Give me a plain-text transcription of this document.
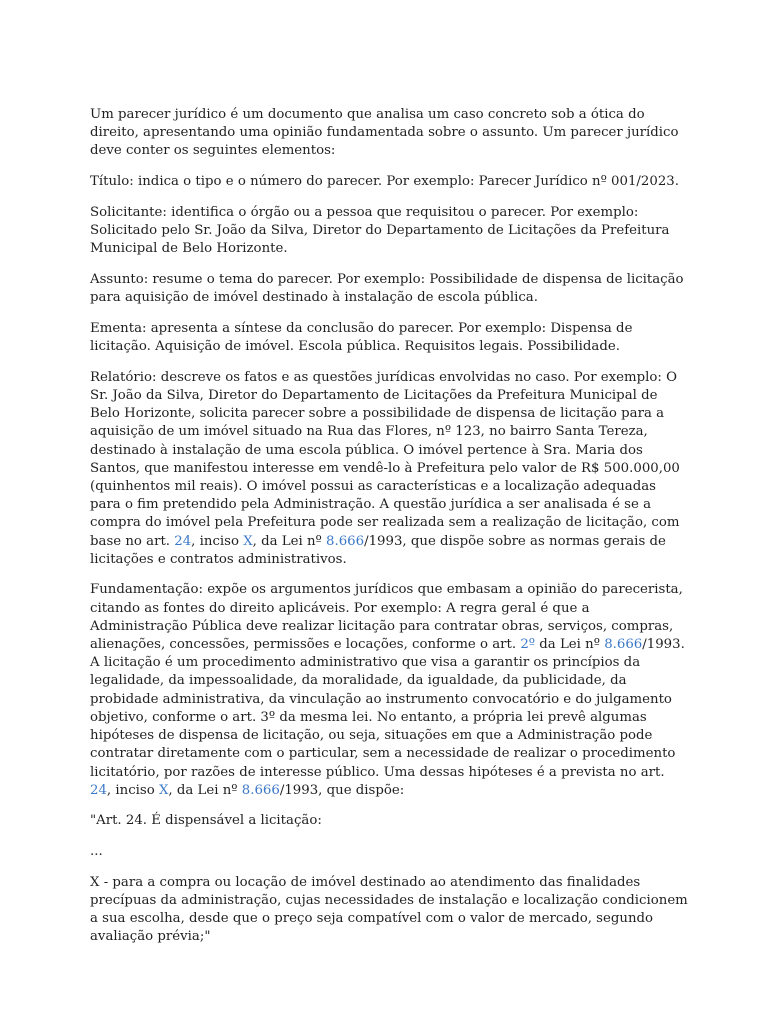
Um parecer jurídico é um documento que analisa um caso concreto sob a ótica do direito, apresentando uma opinião fundamentada sobre o assunto. Um parecer jurídico deve conter os seguintes elementos:

Título: indica o tipo e o número do parecer. Por exemplo: Parecer Jurídico nº 001/2023.

Solicitante: identifica o órgão ou a pessoa que requisitou o parecer. Por exemplo: Solicitado pelo Sr. João da Silva, Diretor do Departamento de Licitações da Prefeitura Municipal de Belo Horizonte.

Assunto: resume o tema do parecer. Por exemplo: Possibilidade de dispensa de licitação para aquisição de imóvel destinado à instalação de escola pública.

Ementa: apresenta a síntese da conclusão do parecer. Por exemplo: Dispensa de licitação. Aquisição de imóvel. Escola pública. Requisitos legais. Possibilidade.

Relatório: descreve os fatos e as questões jurídicas envolvidas no caso. Por exemplo: O Sr. João da Silva, Diretor do Departamento de Licitações da Prefeitura Municipal de Belo Horizonte, solicita parecer sobre a possibilidade de dispensa de licitação para a aquisição de um imóvel situado na Rua das Flores, nº 123, no bairro Santa Tereza, destinado à instalação de uma escola pública. O imóvel pertence à Sra. Maria dos Santos, que manifestou interesse em vendê-lo à Prefeitura pelo valor de R$ 500.000,00 (quinhentos mil reais). O imóvel possui as características e a localização adequadas para o fim pretendido pela Administração. A questão jurídica a ser analisada é se a compra do imóvel pela Prefeitura pode ser realizada sem a realização de licitação, com base no art. 24, inciso X, da Lei nº 8.666/1993, que dispõe sobre as normas gerais de licitações e contratos administrativos.

Fundamentação: expõe os argumentos jurídicos que embasam a opinião do parecerista, citando as fontes do direito aplicáveis. Por exemplo: A regra geral é que a Administração Pública deve realizar licitação para contratar obras, serviços, compras, alienações, concessões, permissões e locações, conforme o art. 2º da Lei nº 8.666/1993. A licitação é um procedimento administrativo que visa a garantir os princípios da legalidade, da impessoalidade, da moralidade, da igualdade, da publicidade, da probidade administrativa, da vinculação ao instrumento convocatório e do julgamento objetivo, conforme o art. 3º da mesma lei. No entanto, a própria lei prevê algumas hipóteses de dispensa de licitação, ou seja, situações em que a Administração pode contratar diretamente com o particular, sem a necessidade de realizar o procedimento licitatório, por razões de interesse público. Uma dessas hipóteses é a prevista no art. 24, inciso X, da Lei nº 8.666/1993, que dispõe:

"Art. 24. É dispensável a licitação:

...

X - para a compra ou locação de imóvel destinado ao atendimento das finalidades precípuas da administração, cujas necessidades de instalação e localização condicionem a sua escolha, desde que o preço seja compatível com o valor de mercado, segundo avaliação prévia;"
